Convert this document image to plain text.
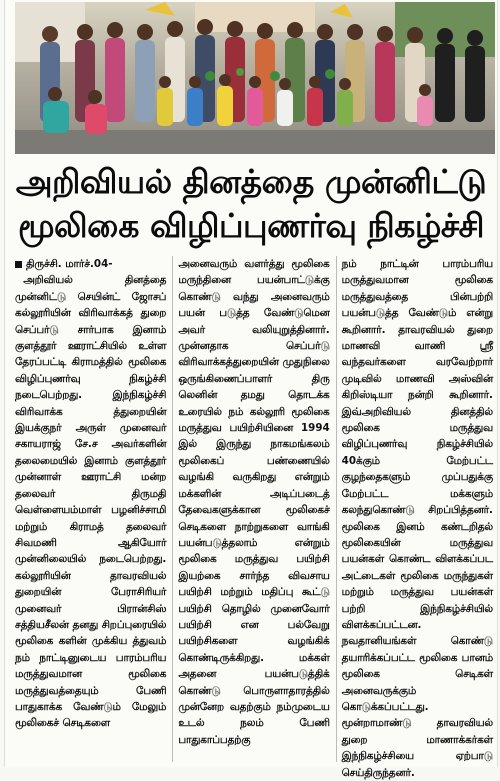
அறிவியல் தினத்தை முன்னிட்டு
மூலிகை விழிப்புணர்வு நிகழ்ச்சி
திருச்சி. மார்ச்.04-

அறிவியல் தினத்தை முன்னிட்டு செயின்ட் ஜோசப் கல்லூரியின் விரிவாக்கத் துறை செப்பர்டு சார்பாக இனாம் குளத்தூர் ஊராட்சியில் உள்ள தேரப்பட்டி கிராமத்தில் மூலிகை விழிப்புணர்வு நிகழ்ச்சி நடைபெற்றது. இந்நிகழ்ச்சி விரிவாக்க த்துறையின் இயக்குநர் அருள் முனைவர் சகாயராஜ் சே.ச அவர்களின் தலைமையில் இனாம் குளத்தூர் முன்னாள் ஊராட்சி மன்ற தலைவர் திருமதி வெள்ளையம்மாள் பழனிச்சாமி மற்றும் கிராமத் தலைவர் சிவமணி ஆகியோர் முன்னிலையில் நடைபெற்றது. கல்லூரியின் தாவரவியல் துறையின் பேராசிரியர் முனைவர் பிரான்சிஸ் சத்தியசீலன் தனது சிறப்புரையில் மூலிகை களின் முக்கிய த்துவம் நம் நாட்டினுடைய பாரம்பரிய மருத்துவமான மூலிகை மருத்துவத்தையும் பேணி பாதுகாக்க வேண்டும் மேலும் மூலிகைச் செடிகளை

அனைவரும் வளர்த்து மூலிகை மருந்தினை பயன்பாட்டுக்கு கொண்டு வந்து அனைவரும் பயன் படுத்த வேண்டுமென அவர் வலியுறுத்தினார். முன்னதாக செப்பர்டு விரிவாக்கத்துறையின் முதுநிலை ஒருங்கிணைப்பாளர் திரு லெனின் தமது தொடக்க உரையில் நம் கல்லூரி மூலிகை மருத்துவ பயிற்சியினை 1994 இல் இருந்து நாகமங்கலம் மூலிகைப் பண்ணையில் வழங்கி வருகிறது என்றும் மக்களின் அடிப்படைத் தேவைகளுக்கான மூலிகைச் செடிகளை நாற்றுகளை வாங்கி பயன்படுத்தலாம் என்றும் மூலிகை மருத்துவ பயிற்சி இயற்கை சார்ந்த விவசாய பயிற்சி மற்றும் மதிப்பு கூட்டு பயிற்சி தொழில் முனைவோர் பயிற்சி என பல்வேறு பயிற்சிகளை வழங்கிக் கொண்டிருக்கிறது. மக்கள் அதனை பயன்படுத்திக் கொண்டு பொருளாதாரத்தில் முன்னேற வதற்கும் நம்முடைய உடல் நலம் பேணி பாதுகாப்பதற்கு

நம் நாட்டின் பாரம்பரிய மருத்துவமான மூலிகை மருத்துவத்தை பின்பற்றி பயன்படுத்த வேண்டும் என்று கூறினார். தாவரவியல் துறை மாணவி வாணி ஸ்ரீ வந்தவர்களை வரவேற்றார் முடிவில் மாணவி அஸ்வின் கிறிஸ்டியா நன்றி கூறினார். இவ்அறிவியல் தினத்தில் மூலிகை மருத்துவ விழிப்புணர்வு நிகழ்ச்சியில் 40க்கும் மேற்பட்ட குழந்தைகளும் முப்பதுக்கு மேற்பட்ட மக்களும் கலந்துகொண்டு சிறப்பித்தனர். மூலிகை இனம் கண்டறிதல் மூலிகையின் மருத்துவ பயன்கள் கொண்ட விளக்கப்பட அட்டைகள் மூலிகை மருந்துகள் மற்றும் மருத்துவ பயன்கள் பற்றி இந்நிகழ்ச்சியில் விளக்கப்பட்டன. நவதானியங்கள் கொண்டு தயாரிக்கப்பட்ட மூலிகை பானம் மூலிகை செடிகள் அனைவருக்கும் கொடுக்கப்பட்டது. மூன்றாமாண்டு தாவரவியல் துறை மாணாக்கர்கள் இந்நிகழ்ச்சியை ஏற்பாடு செய்திருந்தனர்.
